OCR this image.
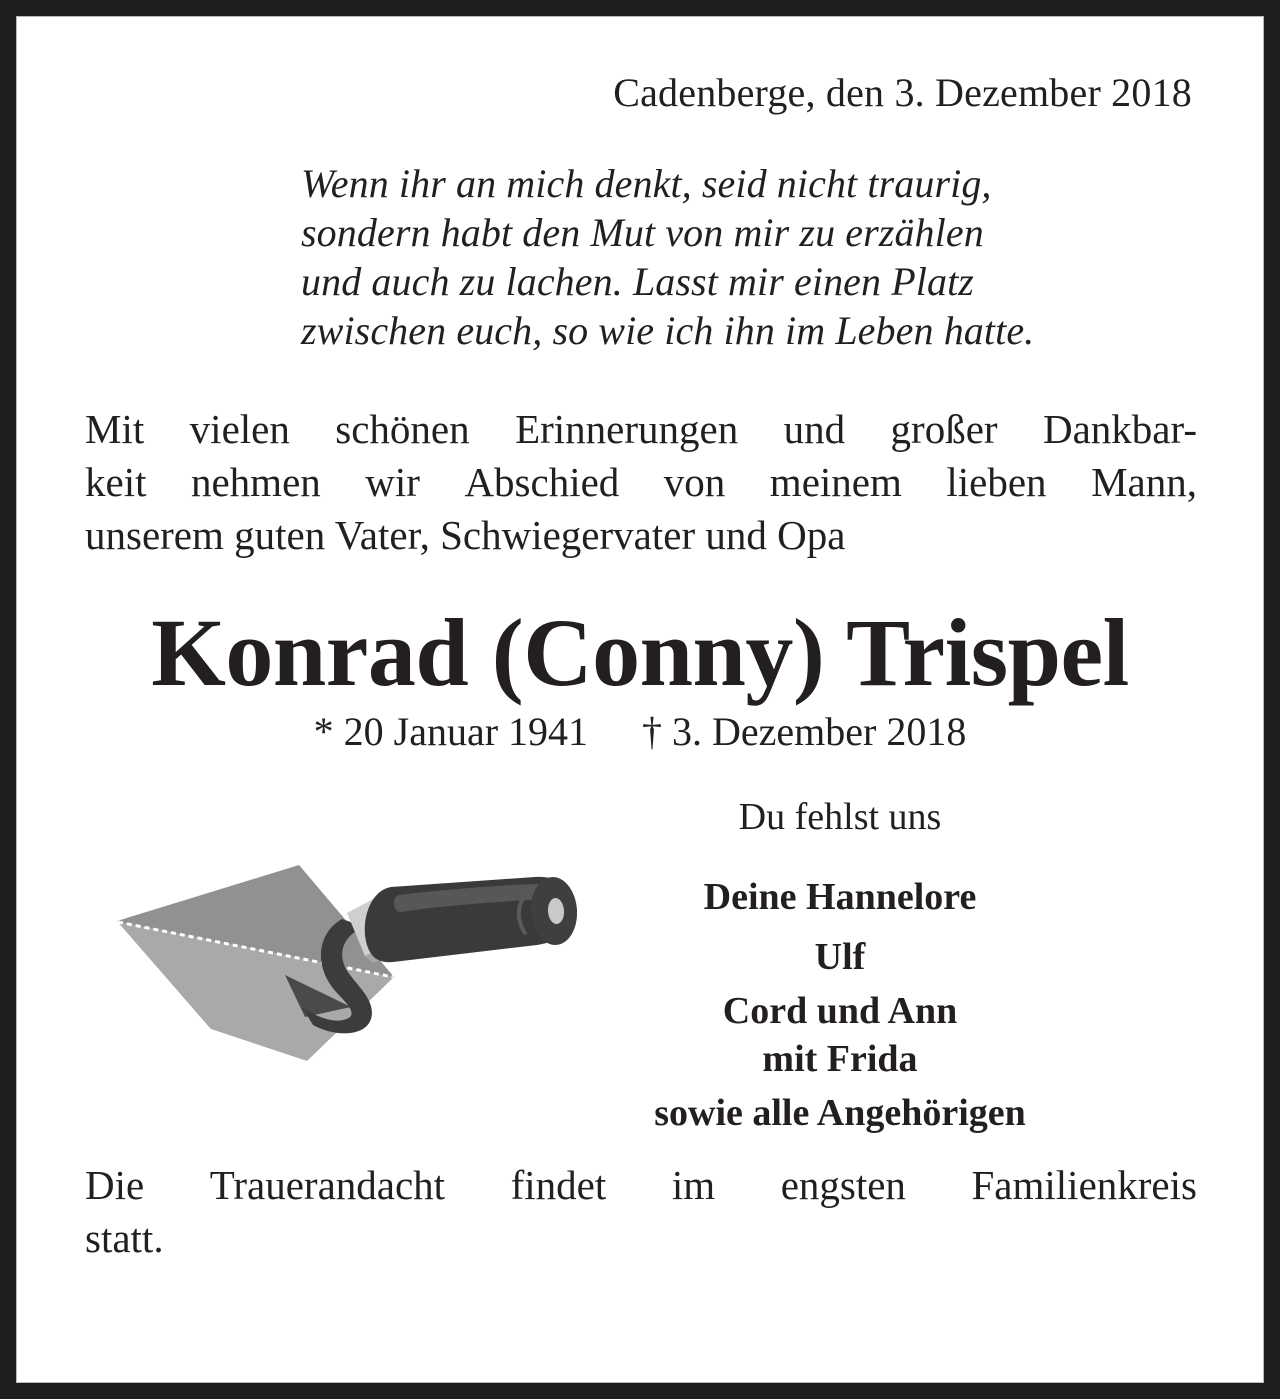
Cadenberge, den 3. Dezember 2018
Wenn ihr an mich denkt, seid nicht traurig,
sondern habt den Mut von mir zu erzählen
und auch zu lachen. Lasst mir einen Platz
zwischen euch, so wie ich ihn im Leben hatte.
Mit vielen schönen Erinnerungen und großer Dankbar-
keit nehmen wir Abschied von meinem lieben Mann,
unserem guten Vater, Schwiegervater und Opa
Konrad (Conny) Trispel
* 20 Januar 1941 † 3. Dezember 2018
Du fehlst uns
Deine Hannelore
Ulf
Cord und Ann
mit Frida
sowie alle Angehörigen
Die Trauerandacht findet im engsten Familienkreis
statt.
